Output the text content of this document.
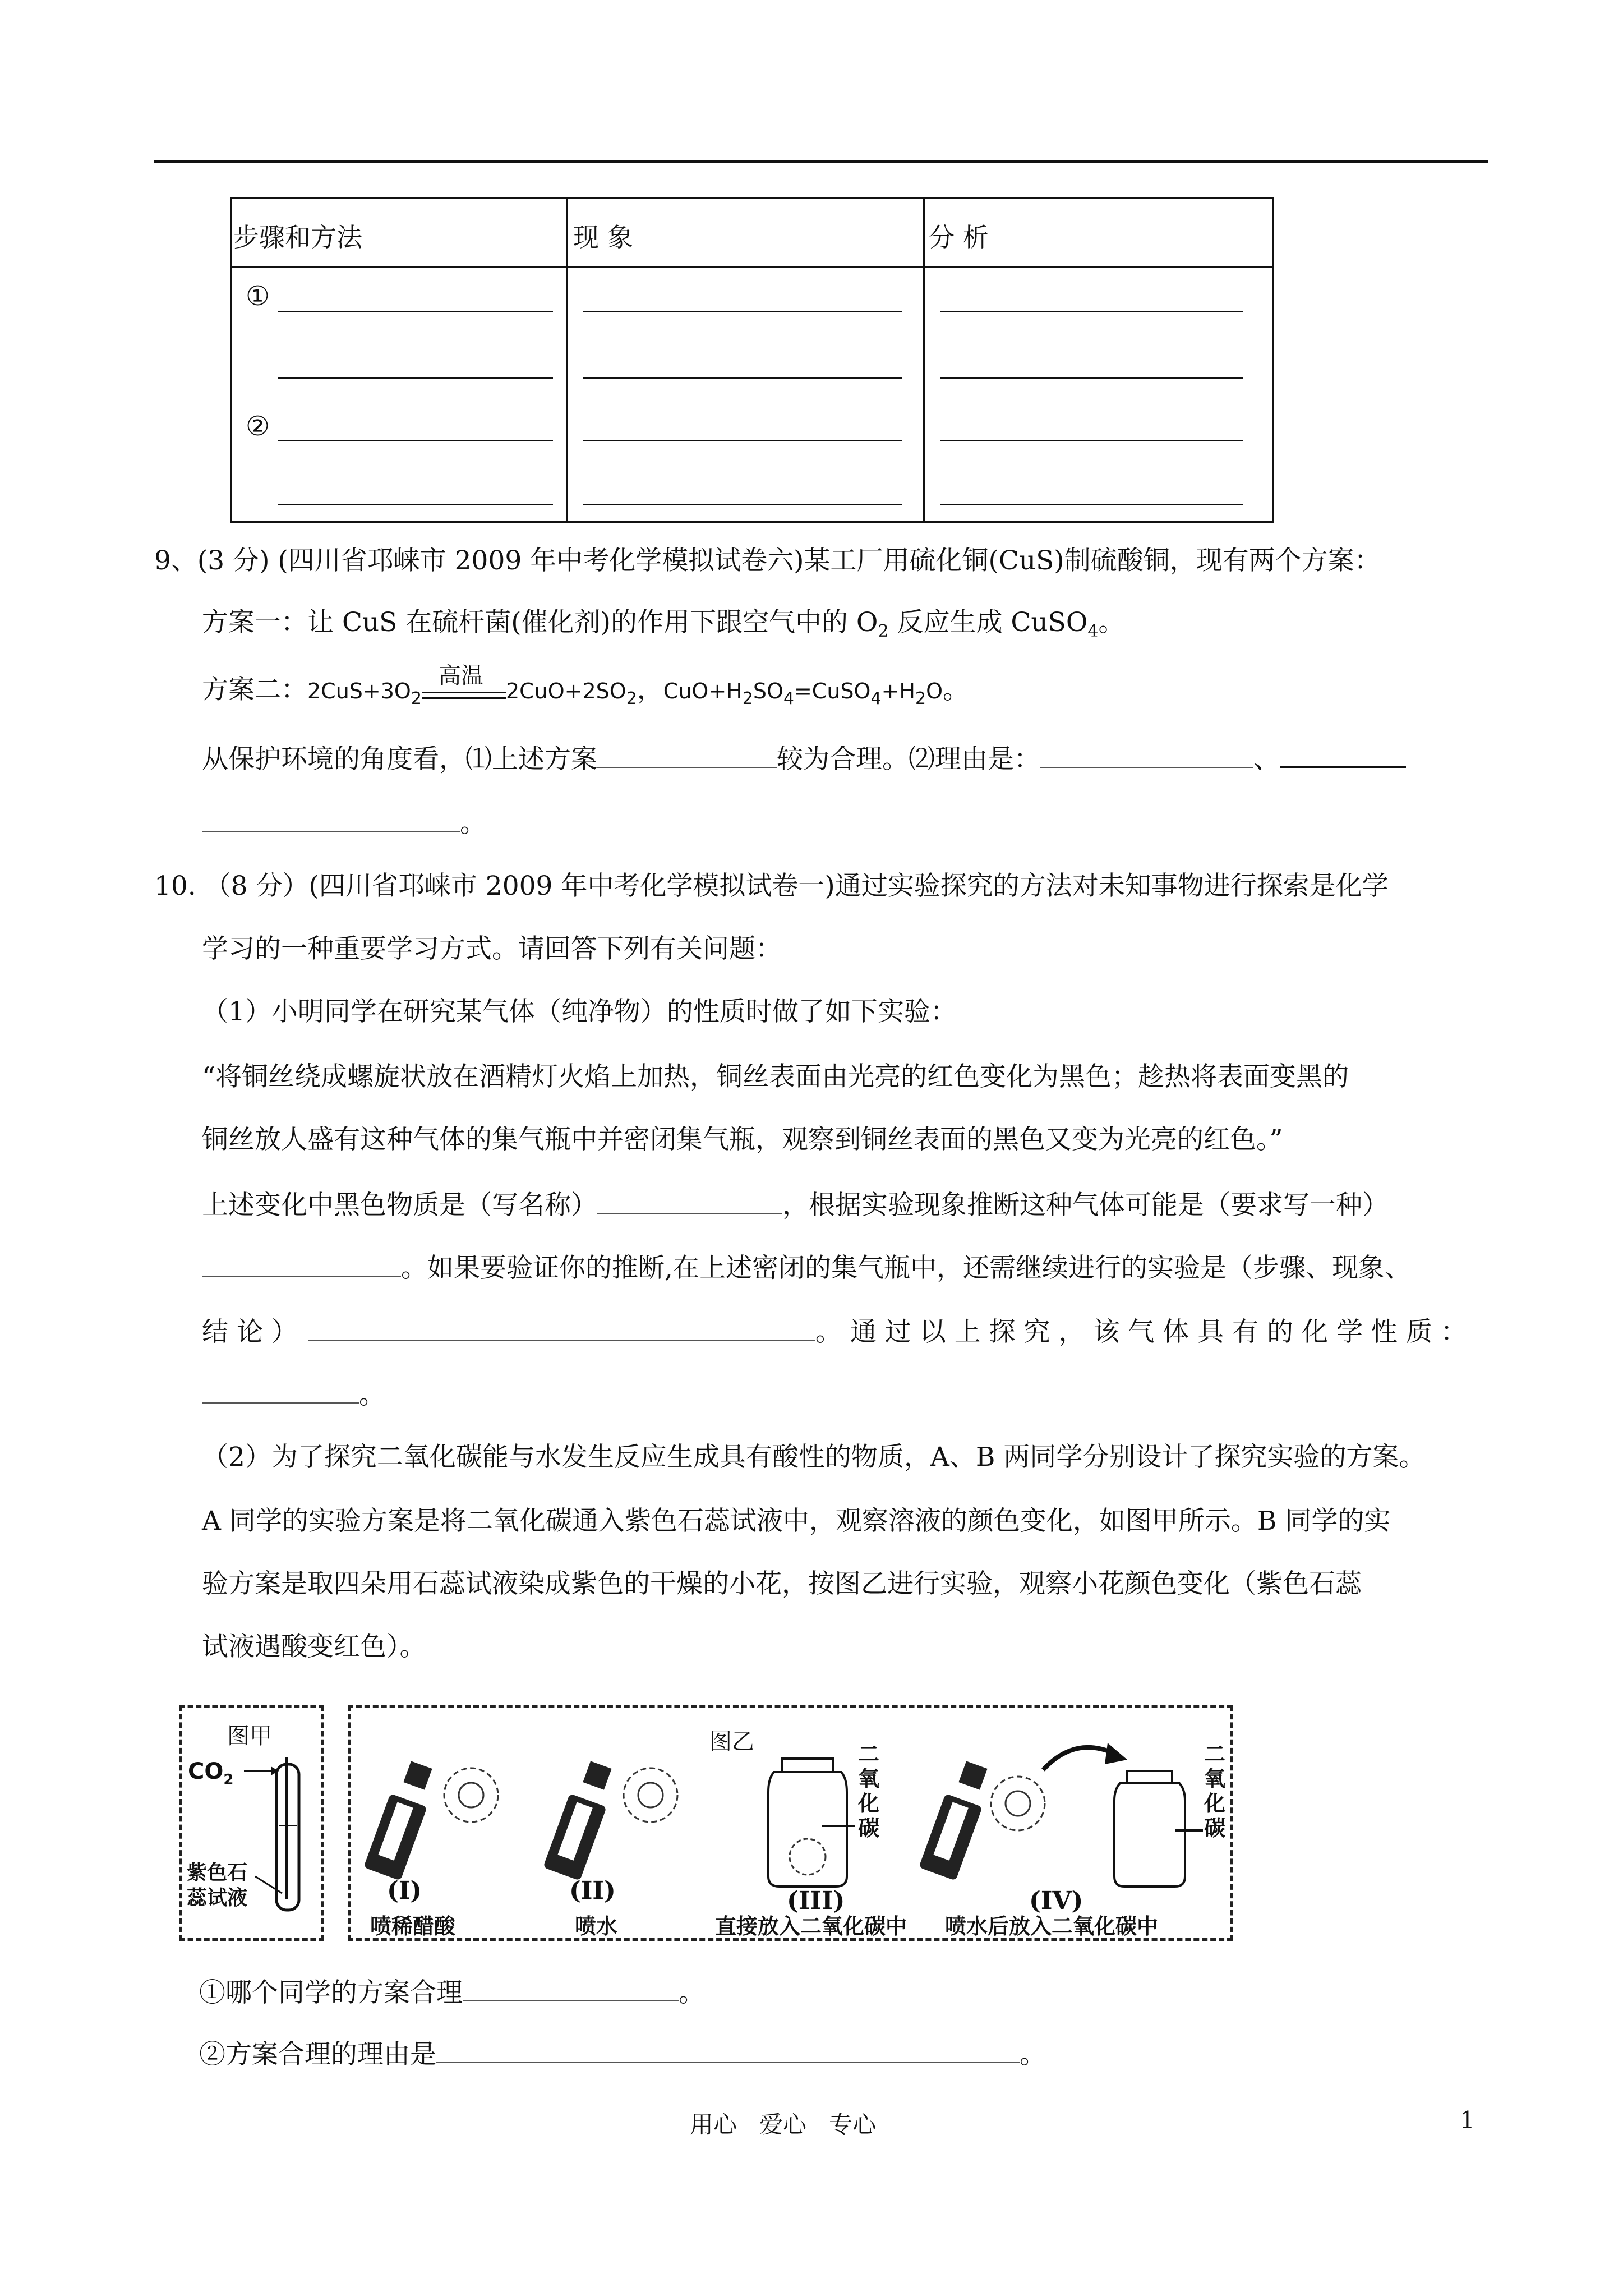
步骤和方法	现 象	分 析
①
②
9、(3 分) (四川省邛崃市 2009 年中考化学模拟试卷六)某工厂用硫化铜(CuS)制硫酸铜，现有两个方案：
方案一：让 CuS 在硫杆菌(催化剂)的作用下跟空气中的 $O_2$ 反应生成 CuSO$_4$。
方案二：$2CuS+3O_2$
高温
$2CuO+2SO_2$，$CuO+H_2SO_4=CuSO_4+H_2O$。
从保护环境的角度看，⑴上述方案	较为合理。⑵理由是：	、
。
10. （8 分）(四川省邛崃市 2009 年中考化学模拟试卷一)通过实验探究的方法对未知事物进行探索是化学
学习的一种重要学习方式。请回答下列有关问题：
（1）小明同学在研究某气体（纯净物）的性质时做了如下实验：
“将铜丝绕成螺旋状放在酒精灯火焰上加热，铜丝表面由光亮的红色变化为黑色；趁热将表面变黑的
铜丝放人盛有这种气体的集气瓶中并密闭集气瓶，观察到铜丝表面的黑色又变为光亮的红色。”
上述变化中黑色物质是（写名称）	，根据实验现象推断这种气体可能是（要求写一种）
。如果要验证你的推断,在上述密闭的集气瓶中，还需继续进行的实验是（步骤、现象、
结 论 ）	。 通 过 以 上 探 究 ， 该 气 体 具 有 的 化 学 性 质 ：
。
（2）为了探究二氧化碳能与水发生反应生成具有酸性的物质，A、B 两同学分别设计了探究实验的方案。
A 同学的实验方案是将二氧化碳通入紫色石蕊试液中，观察溶液的颜色变化，如图甲所示。B 同学的实
验方案是取四朵用石蕊试液染成紫色的干燥的小花，按图乙进行实验，观察小花颜色变化（紫色石蕊
试液遇酸变红色）。
图甲
$CO_2$
紫色石
蕊试液
图乙	二
氧
化
碳
二
氧
化
碳
(I)	(II)	(III)	(IV)
喷稀醋酸	喷水	直接放入二氧化碳中 喷水后放入二氧化碳中
①哪个同学的方案合理	。
②方案合理的理由是	。
用心   爱心   专心	1
